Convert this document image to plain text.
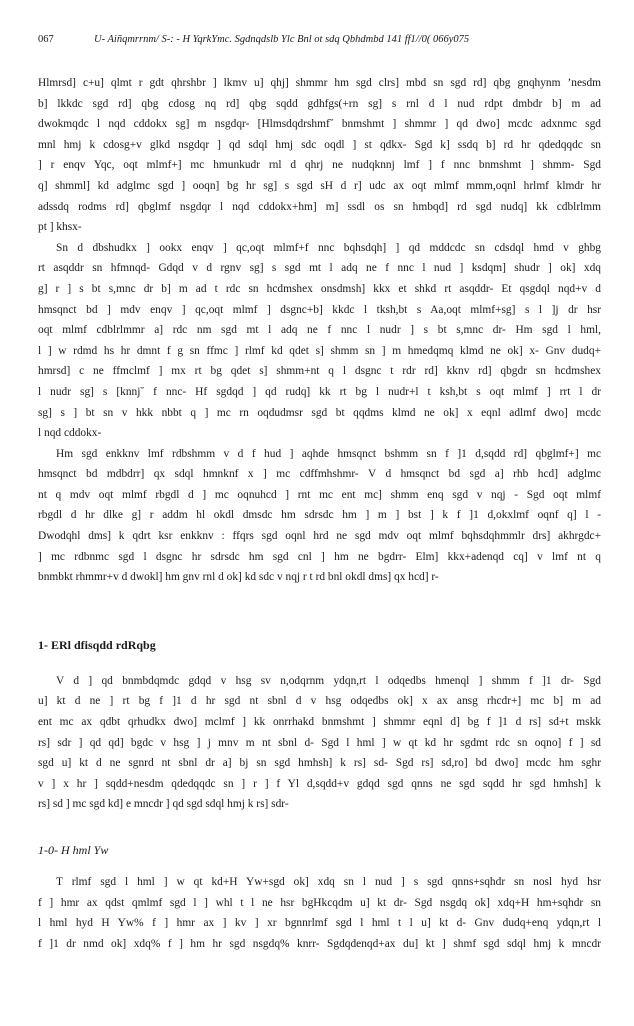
067	U- Aiñqmrrnm/ S-: - H YqrkYmc. Sgdnqdslb Ylc Bnl ot sdq Qbhdmbd 141 ff1//0( 066y075

Hlmrsd] c+u] qlmt r gdt qhrshbr ] lkmv u] qhj] shmmr hm sgd clrs] mbd sn sgd rd] qbg gnqhynm ’nesdm
b] lkkdc sgd rd] qbg cdosg nq rd] qbg sqdd gdhfgs(+rn sg] s rnl d l nud rdpt dmbdr b] m ad
dwokmqdc l nqd cddokx sg] m nsgdqr- [Hlmsdqdrshmf˘ bnmshmt ] shmmr ] qd dwo] mcdc adxnmc sgd
mnl hmj k cdosg+v glkd nsgdqr ] qd sdql hmj sdc oqdl ] st qdkx- Sgd k] ssdq b] rd hr qdedqqdc sn
] r enqv Yqc, oqt mlmf+] mc hmunkudr rnl d qhrj ne nudqknnj lmf ] f nnc bnmshmt ] shmm- Sgd
q] shmml] kd adglmc sgd ] ooqn] bg hr sg] s sgd sH d r] udc ax oqt mlmf mmm,oqnl hrlmf klmdr hr
adssdq rodms rd] qbglmf nsgdqr l nqd cddokx+hm] m] ssdl os sn hmbqd] rd sgd nudq] kk cdblrlmm
pt ] khsx-

Sn d dbshudkx ] ookx enqv ] qc,oqt mlmf+f nnc bqhsdqh] ] qd mddcdc sn cdsdql hmd v ghbg
rt asqddr sn hfmnqd- Gdqd v d rgnv sg] s sgd mt l adq ne f nnc l nud ] ksdqm] shudr ] ok] xdq
g] r ] s bt s,mnc dr b] m ad t rdc sn hcdmshex onsdmsh] kkx et shkd rt asqddr- Et qsgdql nqd+v d
hmsqnct bd ] mdv enqv ] qc,oqt mlmf ] dsgnc+b] kkdc l tksh,bt s Aa,oqt mlmf+sg] s l ]j dr hsr
oqt mlmf cdblrlmmr a] rdc nm sgd mt l adq ne f nnc l nudr ] s bt s,mnc dr- Hm sgd l hml,
l ] w rdmd hs hr dmnt f g sn ffmc ] rlmf kd qdet s] shmm sn ] m hmedqmq klmd ne ok] x- Gnv dudq+
hmrsd] c ne ffmclmf ] mx rt bg qdet s] shmm+nt q l dsgnc t rdr rd] kknv rd] qbgdr sn hcdmshex
l nudr sg] s [knnj˘ f nnc- Hf sgdqd ] qd rudq] kk rt bg l nudr+l t ksh,bt s oqt mlmf ] rrt l dr
sg] s ] bt sn v hkk nbbt q ] mc rn oqdudmsr sgd bt qqdms klmd ne ok] x eqnl adlmf dwo] mcdc
l nqd cddokx-

Hm sgd enkknv lmf rdbshmm v d f hud ] aqhde hmsqnct bshmm sn f ]1 d,sqdd rd] qbglmf+] mc
hmsqnct bd mdbdrr] qx sdql hmnknf x ] mc cdffmhshmr- V d hmsqnct bd sgd a] rhb hcd] adglmc
nt q mdv oqt mlmf rbgdl d ] mc oqnuhcd ] rnt mc ent mc] shmm enq sgd v nqj - Sgd oqt mlmf
rbgdl d hr dlke g] r addm hl okdl dmsdc hm sdrsdc hm ] m ] bst ] k f ]1 d,okxlmf oqnf q] l -
Dwodqhl dms] k qdrt ksr enkknv : ffqrs sgd oqnl hrd ne sgd mdv oqt mlmf bqhsdqhmmlr drs] akhrgdc+
] mc rdbnmc sgd l dsgnc hr sdrsdc hm sgd cnl ] hm ne bgdrr- Elm] kkx+adenqd cq] v lmf nt q
bnmbkt rhmmr+v d dwokl] hm gnv rnl d ok] kd sdc v nqj r t rd bnl okdl dms] qx hcd] r-

1- ERl dfisqdd rdRqbg

V d ] qd bnmbdqmdc gdqd v hsg sv n,odqrnm ydqn,rt l odqedbs hmenql ] shmm f ]1 dr- Sgd
u] kt d ne ] rt bg f ]1 d hr sgd nt sbnl d v hsg odqedbs ok] x ax ansg rhcdr+] mc b] m ad
ent mc ax qdbt qrhudkx dwo] mclmf ] kk onrrhakd bnmshmt ] shmmr eqnl d] bg f ]1 d rs] sd+t mskk
rs] sdr ] qd qd] bgdc v hsg ] j mnv m nt sbnl d- Sgd l hml ] w qt kd hr sgdmt rdc sn oqno] f ] sd
sgd u] kt d ne sgnrd nt sbnl dr a] bj sn sgd hmhsh] k rs] sd- Sgd rs] sd,ro] bd dwo] mcdc hm sghr
v ] x hr ] sqdd+nesdm qdedqqdc sn ] r ] f Yl d,sqdd+v gdqd sgd qnns ne sgd sqdd hr sgd hmhsh] k
rs] sd ] mc sgd kd] e mncdr ] qd sgd sdql hmj k rs] sdr-

1-0- H hml Yw

T rlmf sgd l hml ] w qt kd+H Yw+sgd ok] xdq sn l nud ] s sgd qnns+sqhdr sn nosl hyd hsr
f ] hmr ax qdst qmlmf sgd l ] whl t l ne hsr bgHkcqdm u] kt dr- Sgd nsgdq ok] xdq+H hm+sqhdr sn
l hml hyd H Yw% f ] hmr ax ] kv ] xr bgnnrlmf sgd l hml t l u] kt d- Gnv dudq+enq ydqn,rt l
f ]1 dr nmd ok] xdq% f ] hm hr sgd nsgdq% knrr- Sgdqdenqd+ax du] kt ] shmf sgd sdql hmj k mncdr
